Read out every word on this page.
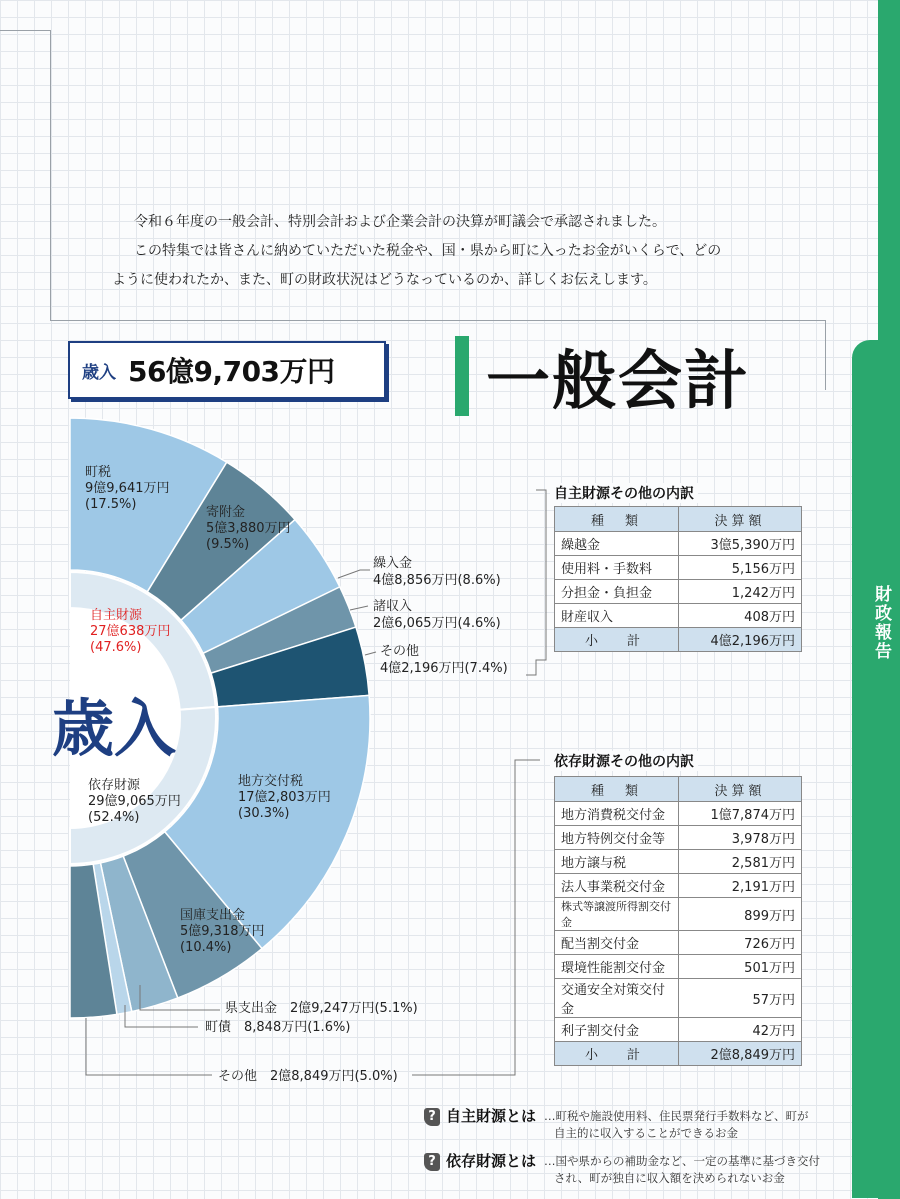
財政報告

令和６年度の一般会計、特別会計および企業会計の決算が町議会で承認されました。

この特集では皆さんに納めていただいた税金や、国・県から町に入ったお金がいくらで、どの

ように使われたか、また、町の財政状況はどうなっているのか、詳しくお伝えします。

歳入 56億9,703万円 一般会計
歳入
自主財源
27億638万円
(47.6%)
依存財源
29億9,065万円
(52.4%)
町税
9億9,641万円
(17.5%)
寄附金
5億3,880万円
(9.5%)
地方交付税
17億2,803万円
(30.3%)
国庫支出金
5億9,318万円
(10.4%)
繰入金
4億8,856万円(8.6%)
諸収入
2億6,065万円(4.6%)
その他
4億2,196万円(7.4%)
県支出金　2億9,247万円(5.1%)
町債　8,848万円(1.6%)
その他　2億8,849万円(5.0%)
自主財源その他の内訳
種　類	決算額
繰越金	3億5,390万円
使用料・手数料	5,156万円
分担金・負担金	1,242万円
財産収入	408万円
小　計	4億2,196万円
依存財源その他の内訳
種　類	決算額
地方消費税交付金	1億7,874万円
地方特例交付金等	3,978万円
地方譲与税	2,581万円
法人事業税交付金	2,191万円
株式等譲渡所得割交付金	899万円
配当割交付金	726万円
環境性能割交付金	501万円
交通安全対策交付金	57万円
利子割交付金	42万円
小　計	2億8,849万円
? 自主財源とは …町税や施設使用料、住民票発行手数料など、町が
自主的に収入することができるお金
? 依存財源とは …国や県からの補助金など、一定の基準に基づき交付
され、町が独自に収入額を決められないお金
